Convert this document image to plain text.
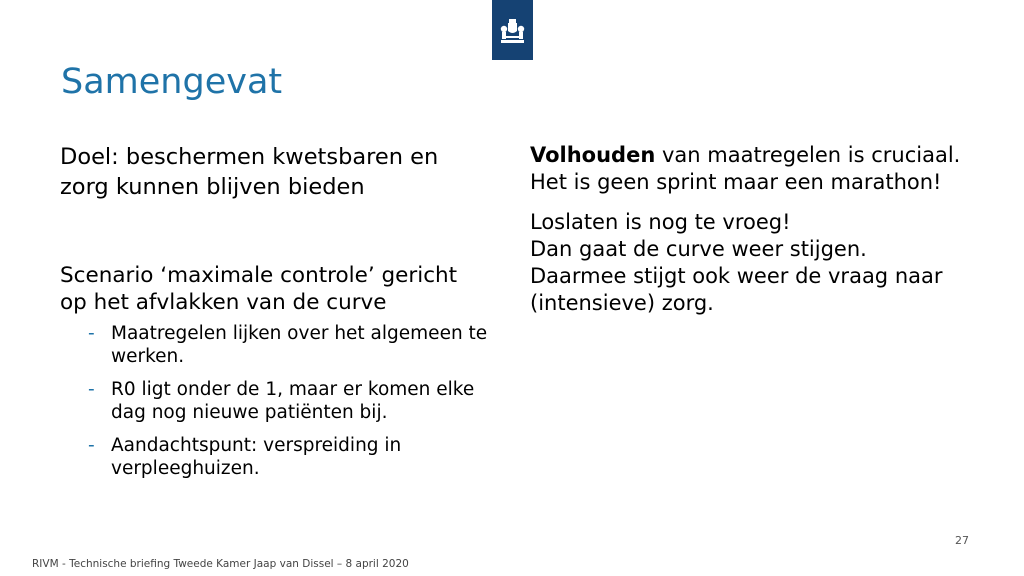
Samengevat

Doel: beschermen kwetsbaren en zorg kunnen blijven bieden

Scenario ‘maximale controle’ gericht op het afvlakken van de curve

- Maatregelen lijken over het algemeen te werken.
- R0 ligt onder de 1, maar er komen elke dag nog nieuwe patiënten bij.
- Aandachtspunt: verspreiding in verpleeghuizen.

Volhouden van maatregelen is cruciaal. Het is geen sprint maar een marathon!

Loslaten is nog te vroeg!
Dan gaat de curve weer stijgen.
Daarmee stijgt ook weer de vraag naar (intensieve) zorg.

27
RIVM - Technische briefing Tweede Kamer Jaap van Dissel – 8 april 2020
